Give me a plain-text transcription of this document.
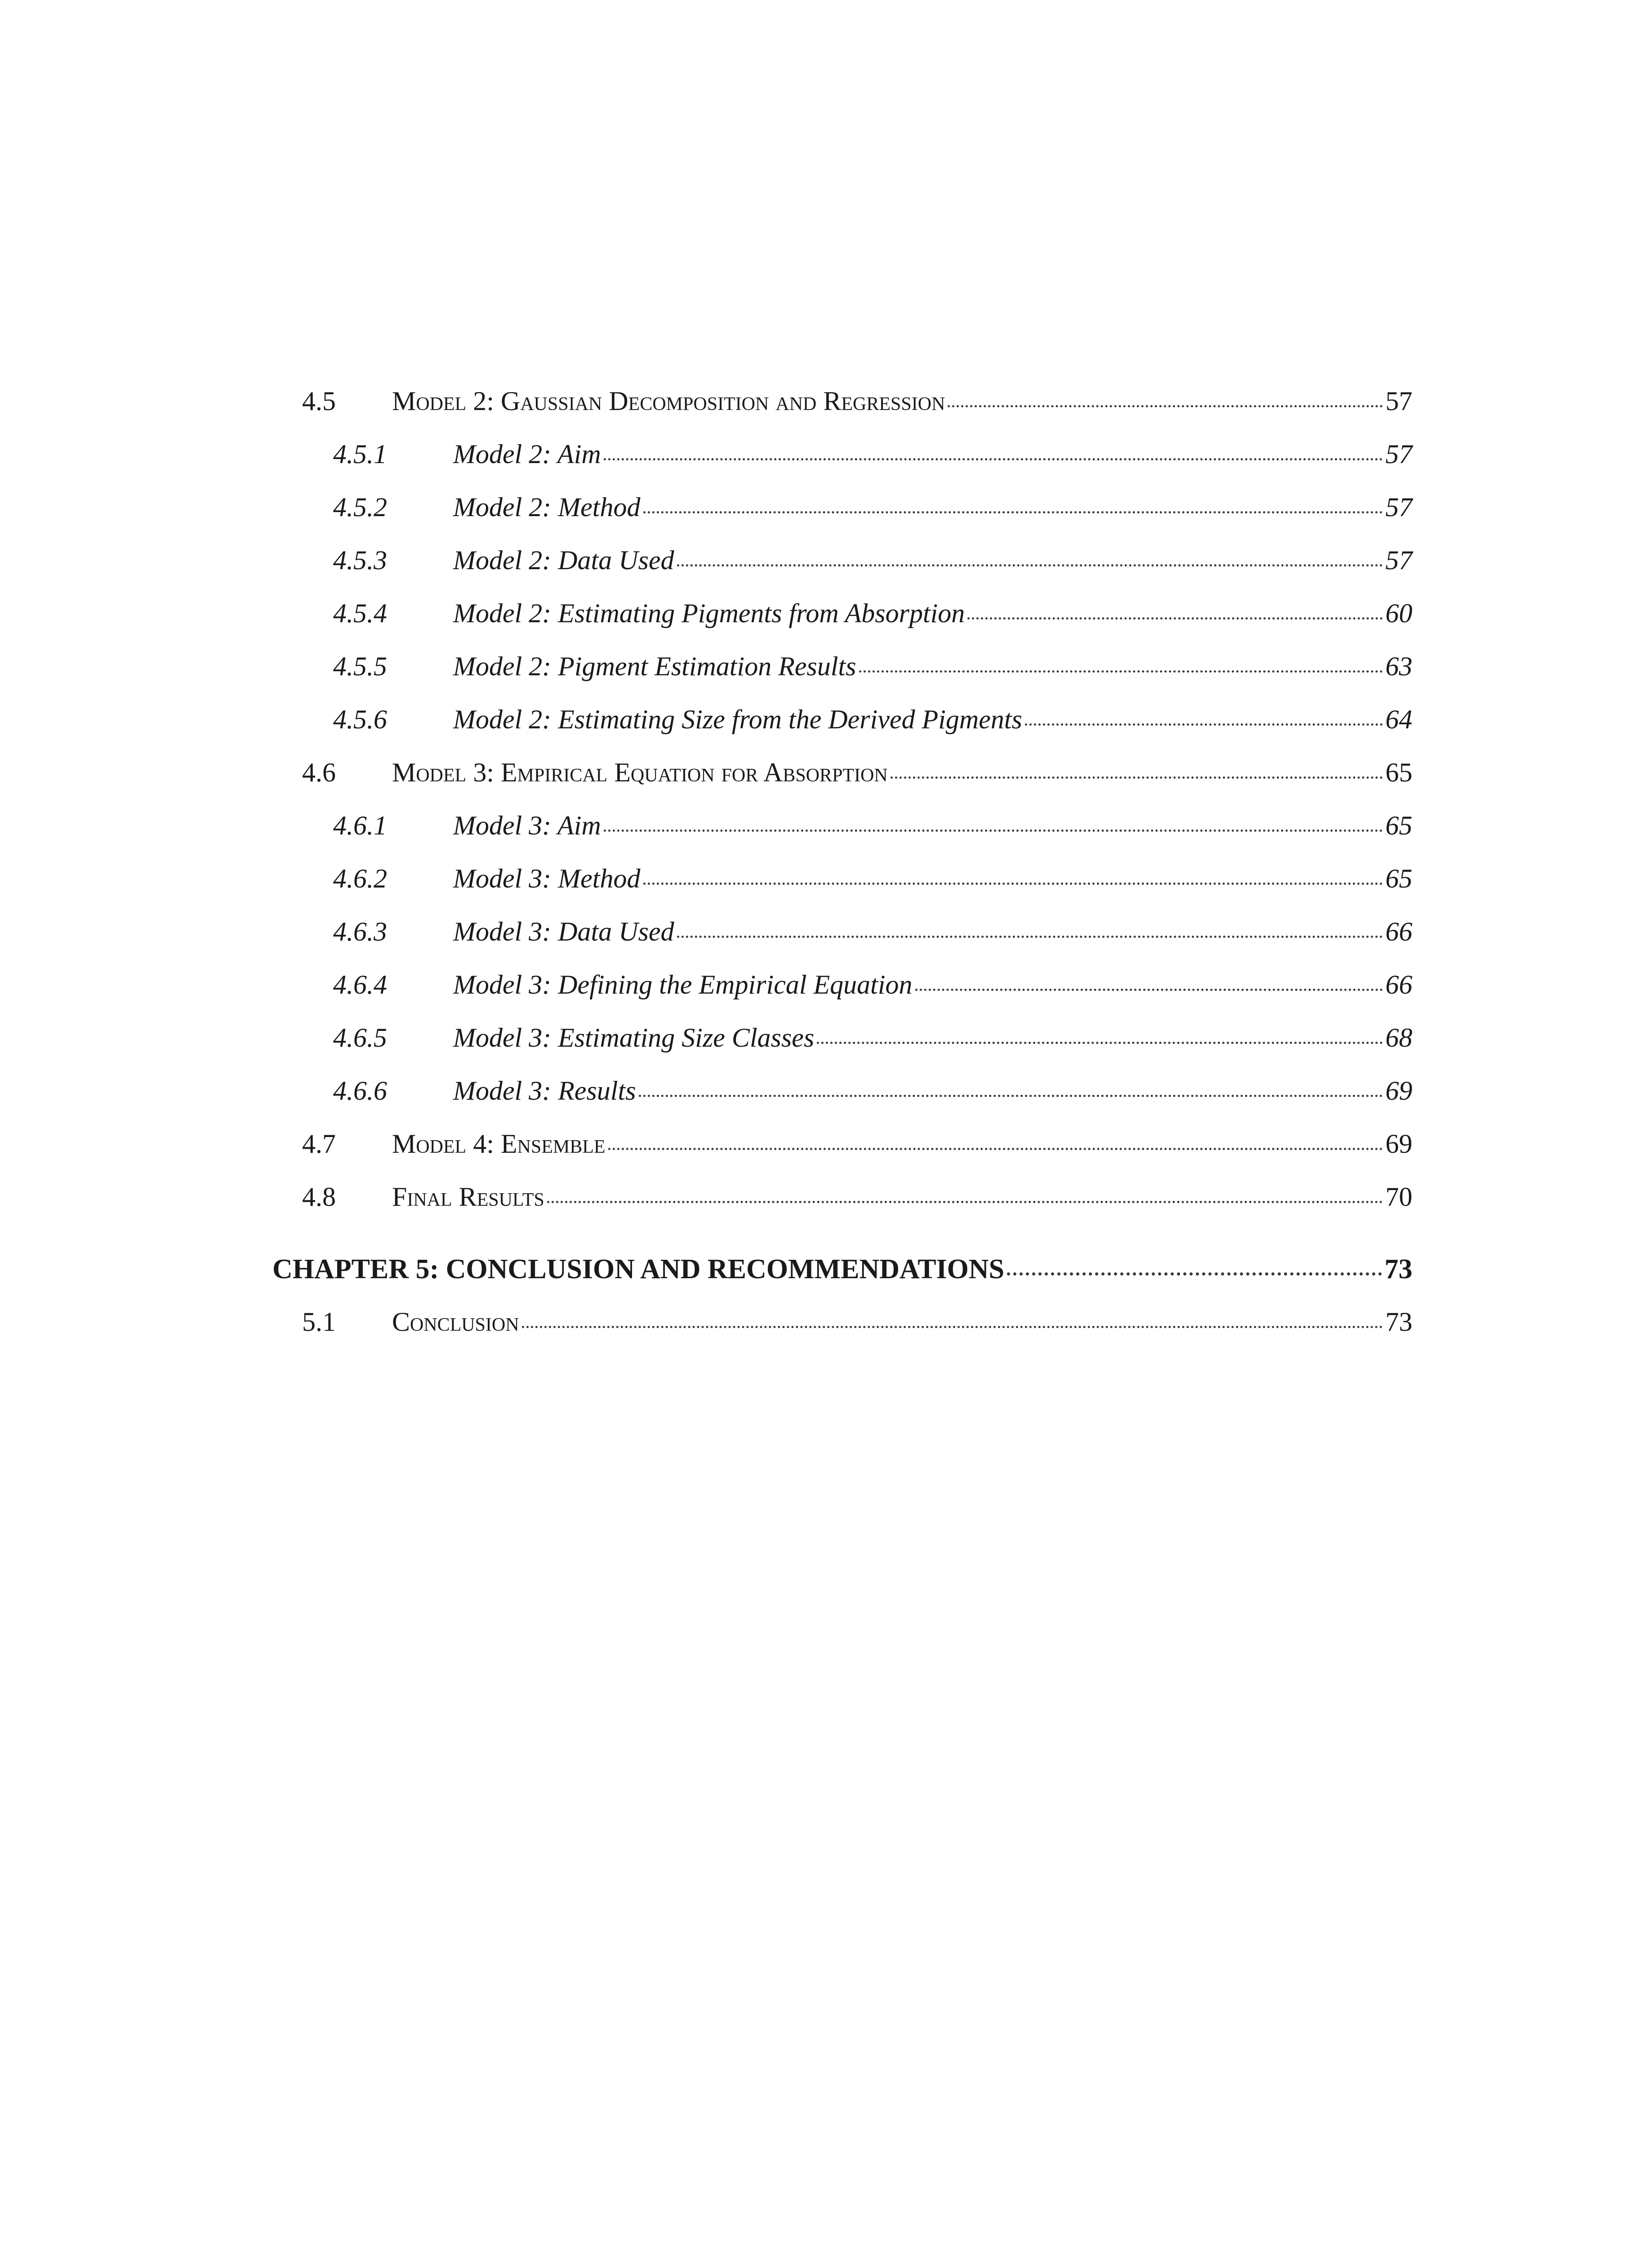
4.5	Model 2: Gaussian Decomposition and Regression	57
4.5.1	Model 2: Aim	57
4.5.2	Model 2: Method	57
4.5.3	Model 2: Data Used	57
4.5.4	Model 2: Estimating Pigments from Absorption	60
4.5.5	Model 2: Pigment Estimation Results	63
4.5.6	Model 2: Estimating Size from the Derived Pigments	64
4.6	Model 3: Empirical Equation for Absorption	65
4.6.1	Model 3: Aim	65
4.6.2	Model 3: Method	65
4.6.3	Model 3: Data Used	66
4.6.4	Model 3: Defining the Empirical Equation	66
4.6.5	Model 3: Estimating Size Classes	68
4.6.6	Model 3: Results	69
4.7	Model 4: Ensemble	69
4.8	Final Results	70
CHAPTER 5: CONCLUSION AND RECOMMENDATIONS	73
5.1	Conclusion	73
